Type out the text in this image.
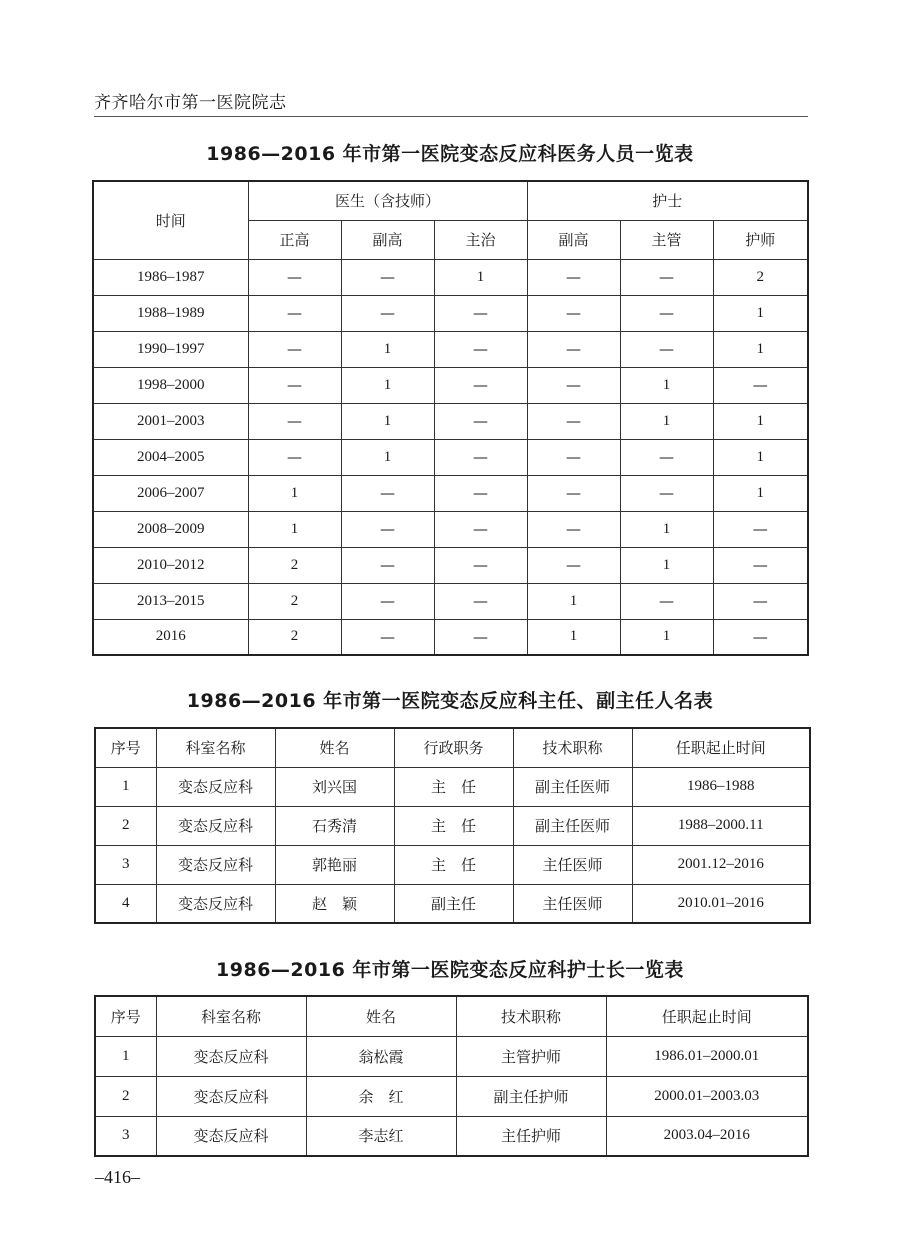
齐齐哈尔市第一医院院志
1986—2016 年市第一医院变态反应科医务人员一览表
时间	医生（含技师）			护士		
	正高	副高	主治	副高	主管	护师
1986–1987	—	—	1	—	—	2
1988–1989	—	—	—	—	—	1
1990–1997	—	1	—	—	—	1
1998–2000	—	1	—	—	1	—
2001–2003	—	1	—	—	1	1
2004–2005	—	1	—	—	—	1
2006–2007	1	—	—	—	—	1
2008–2009	1	—	—	—	1	—
2010–2012	2	—	—	—	1	—
2013–2015	2	—	—	1	—	—
2016	2	—	—	1	1	—
1986—2016 年市第一医院变态反应科主任、副主任人名表
序号	科室名称	姓名	行政职务	技术职称	任职起止时间
1	变态反应科	刘兴国	主　任	副主任医师	1986–1988
2	变态反应科	石秀清	主　任	副主任医师	1988–2000.11
3	变态反应科	郭艳丽	主　任	主任医师	2001.12–2016
4	变态反应科	赵　颖	副主任	主任医师	2010.01–2016
1986—2016 年市第一医院变态反应科护士长一览表
序号	科室名称	姓名	技术职称	任职起止时间
1	变态反应科	翁松霞	主管护师	1986.01–2000.01
2	变态反应科	余　红	副主任护师	2000.01–2003.03
3	变态反应科	李志红	主任护师	2003.04–2016
–416–
